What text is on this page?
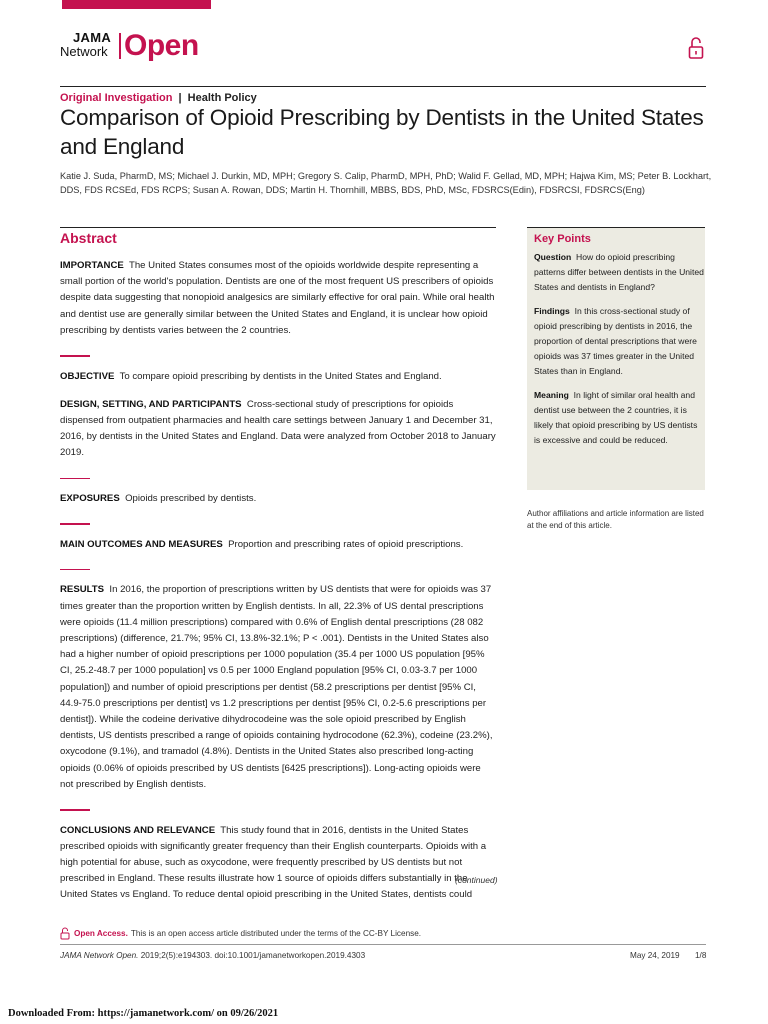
JAMA
Network Open
Original Investigation | Health Policy
Comparison of Opioid Prescribing by Dentists in the United States and England
Katie J. Suda, PharmD, MS; Michael J. Durkin, MD, MPH; Gregory S. Calip, PharmD, MPH, PhD; Walid F. Gellad, MD, MPH; Hajwa Kim, MS; Peter B. Lockhart, DDS, FDS RCSEd, FDS RCPS; Susan A. Rowan, DDS; Martin H. Thornhill, MBBS, BDS, PhD, MSc, FDSRCS(Edin), FDSRCSI, FDSRCS(Eng)
Abstract

IMPORTANCE The United States consumes most of the opioids worldwide despite representing a small portion of the world's population. Dentists are one of the most frequent US prescribers of opioids despite data suggesting that nonopioid analgesics are similarly effective for oral pain. While oral health and dentist use are generally similar between the United States and England, it is unclear how opioid prescribing by dentists varies between the 2 countries.

OBJECTIVE To compare opioid prescribing by dentists in the United States and England.

DESIGN, SETTING, AND PARTICIPANTS Cross-sectional study of prescriptions for opioids dispensed from outpatient pharmacies and health care settings between January 1 and December 31, 2016, by dentists in the United States and England. Data were analyzed from October 2018 to January 2019.

EXPOSURES Opioids prescribed by dentists.

MAIN OUTCOMES AND MEASURES Proportion and prescribing rates of opioid prescriptions.

RESULTS In 2016, the proportion of prescriptions written by US dentists that were for opioids was 37 times greater than the proportion written by English dentists. In all, 22.3% of US dental prescriptions were opioids (11.4 million prescriptions) compared with 0.6% of English dental prescriptions (28 082 prescriptions) (difference, 21.7%; 95% CI, 13.8%-32.1%; P < .001). Dentists in the United States also had a higher number of opioid prescriptions per 1000 population (35.4 per 1000 US population [95% CI, 25.2-48.7 per 1000 population] vs 0.5 per 1000 England population [95% CI, 0.03-3.7 per 1000 population]) and number of opioid prescriptions per dentist (58.2 prescriptions per dentist [95% CI, 44.9-75.0 prescriptions per dentist] vs 1.2 prescriptions per dentist [95% CI, 0.2-5.6 prescriptions per dentist]). While the codeine derivative dihydrocodeine was the sole opioid prescribed by English dentists, US dentists prescribed a range of opioids containing hydrocodone (62.3%), codeine (23.2%), oxycodone (9.1%), and tramadol (4.8%). Dentists in the United States also prescribed long-acting opioids (0.06% of opioids prescribed by US dentists [6425 prescriptions]). Long-acting opioids were not prescribed by English dentists.

CONCLUSIONS AND RELEVANCE This study found that in 2016, dentists in the United States prescribed opioids with significantly greater frequency than their English counterparts. Opioids with a high potential for abuse, such as oxycodone, were frequently prescribed by US dentists but not prescribed in England. These results illustrate how 1 source of opioids differs substantially in the United States vs England. To reduce dental opioid prescribing in the United States, dentists could

(continued)
Key Points

Question How do opioid prescribing patterns differ between dentists in the United States and dentists in England?

Findings In this cross-sectional study of opioid prescribing by dentists in 2016, the proportion of dental prescriptions that were opioids was 37 times greater in the United States than in England.

Meaning In light of similar oral health and dentist use between the 2 countries, it is likely that opioid prescribing by US dentists is excessive and could be reduced.

Author affiliations and article information are listed at the end of this article.
Open Access. This is an open access article distributed under the terms of the CC-BY License.
JAMA Network Open. 2019;2(5):e194303. doi:10.1001/jamanetworkopen.2019.4303	May 24, 2019 1/8
Downloaded From: https://jamanetwork.com/ on 09/26/2021
